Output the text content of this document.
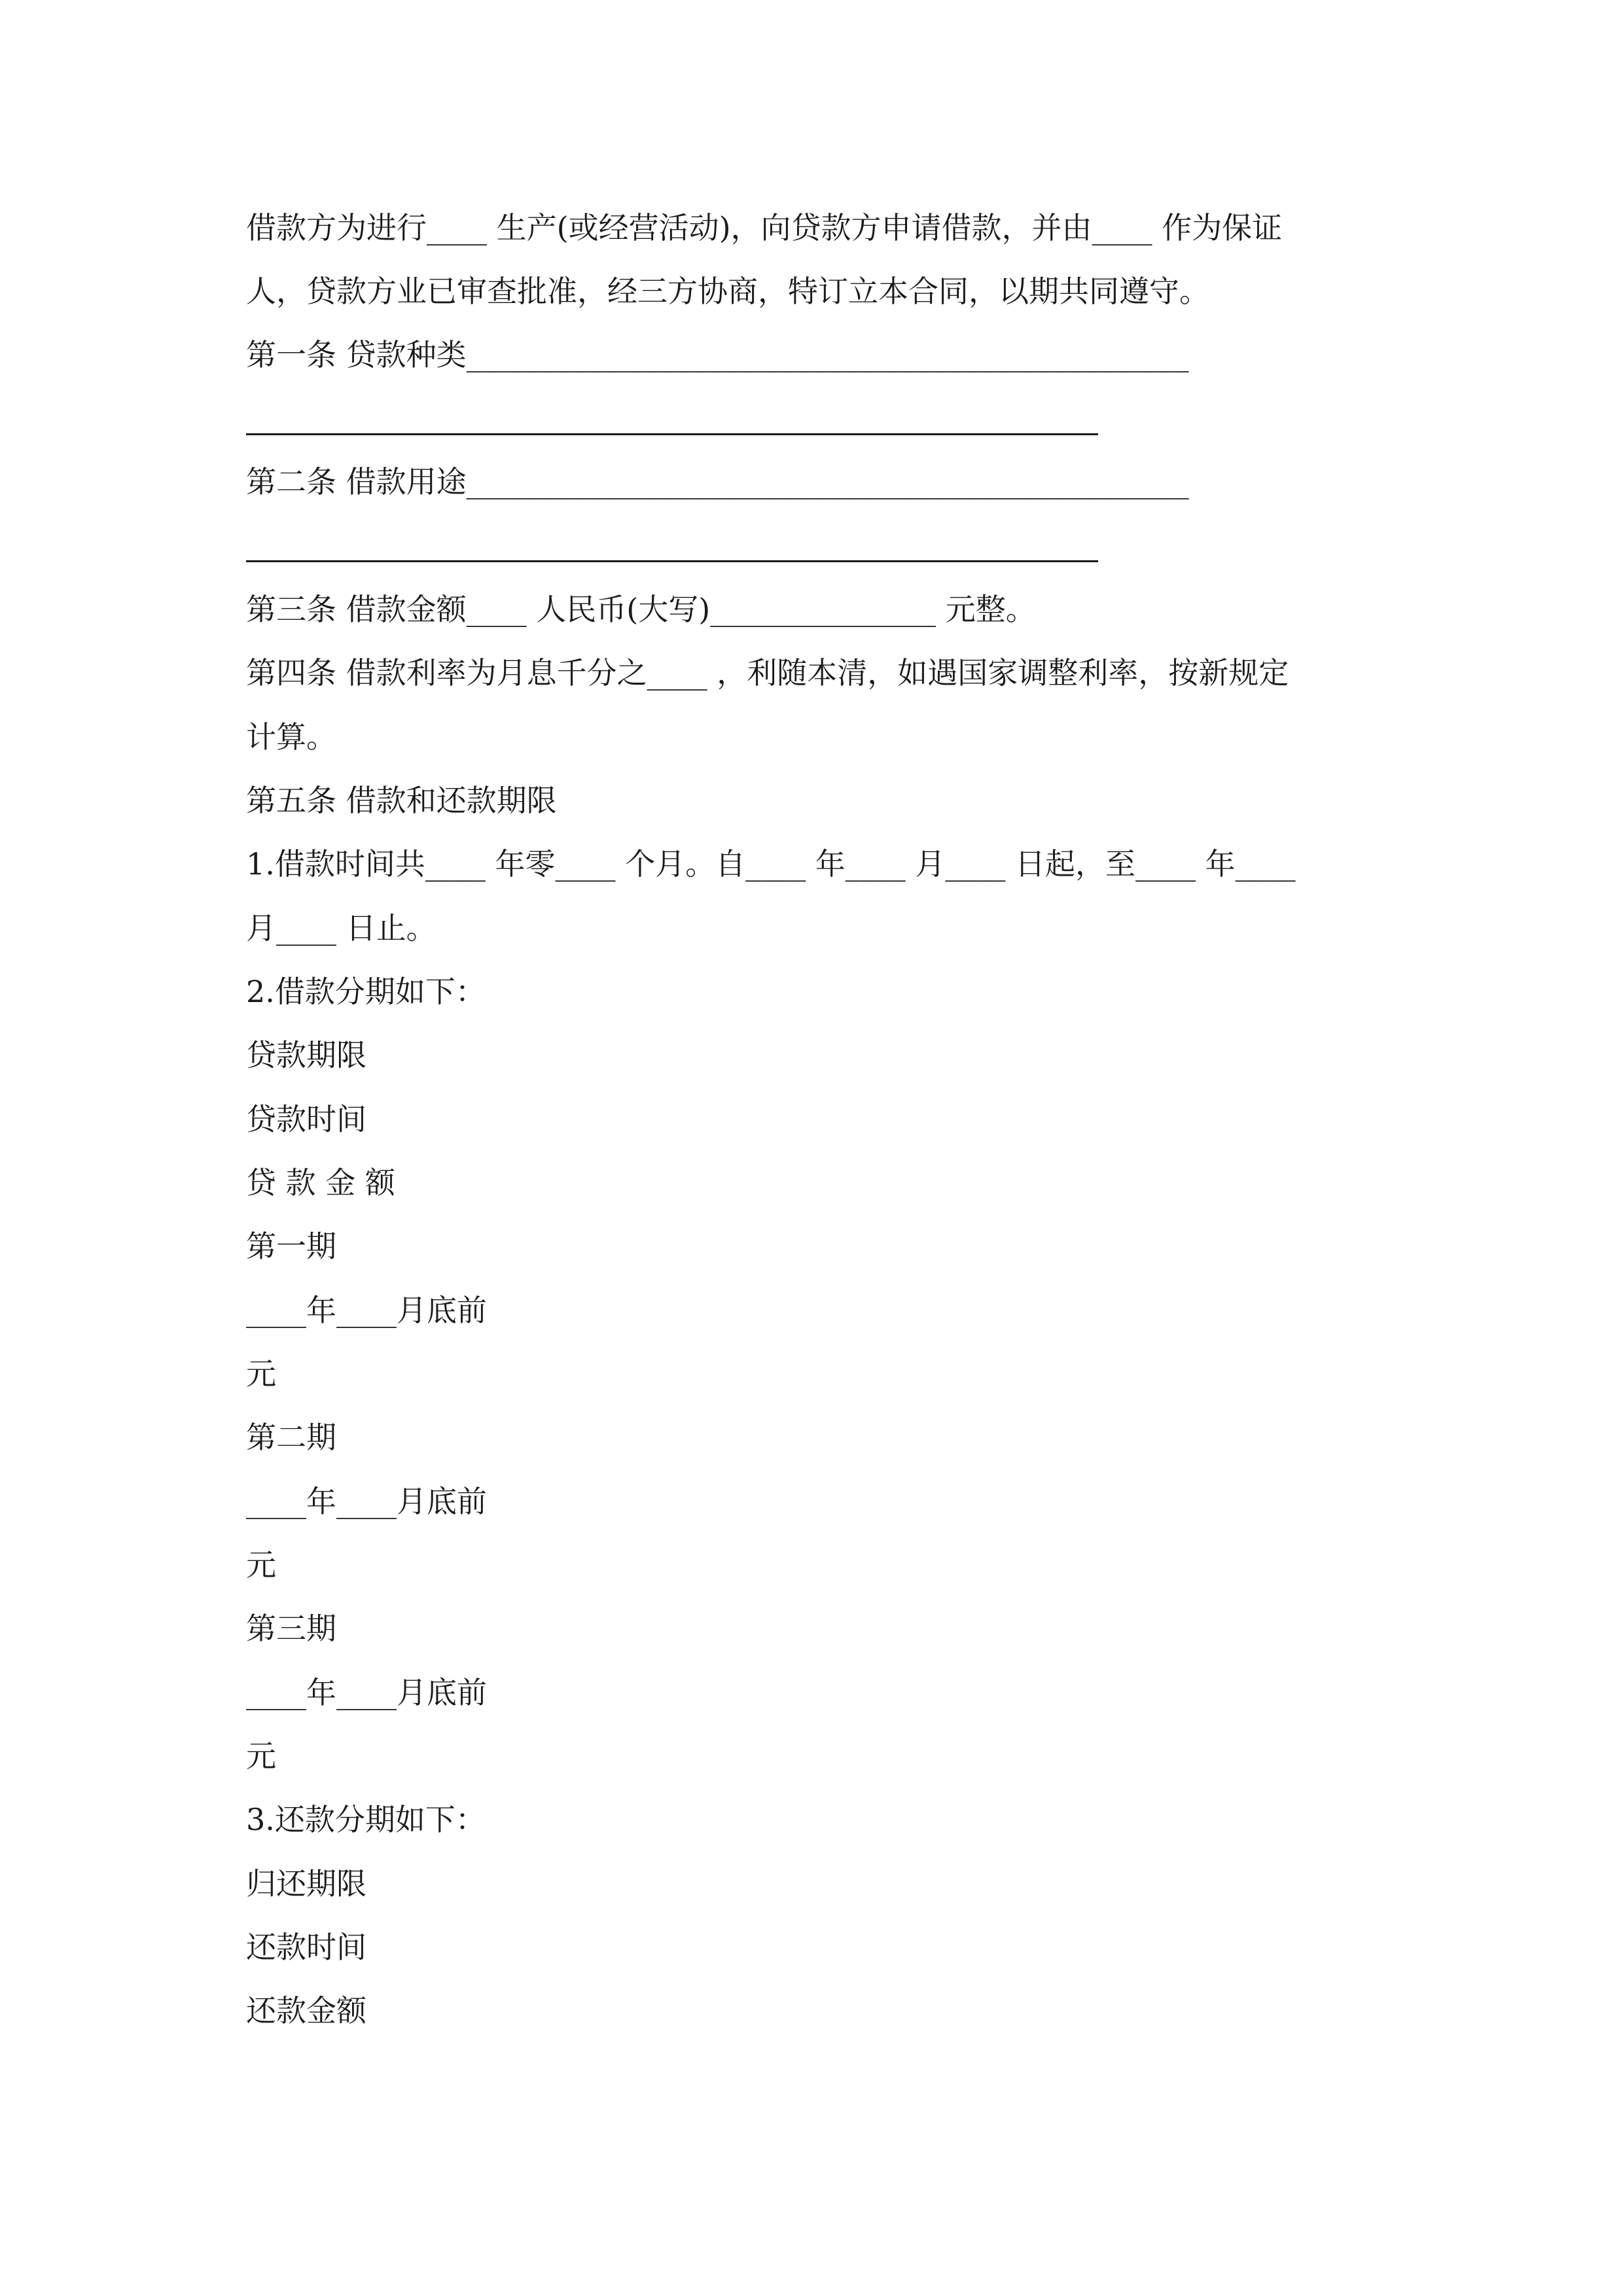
借款方为进行____ 生产(或经营活动)，向贷款方申请借款，并由____ 作为保证
人，贷款方业已审查批准，经三方协商，特订立本合同，以期共同遵守。
第一条 贷款种类________________________________________________
第二条 借款用途________________________________________________
第三条 借款金额____ 人民币(大写)_______________ 元整。
第四条 借款利率为月息千分之____ ，利随本清，如遇国家调整利率，按新规定
计算。
第五条 借款和还款期限
1.借款时间共____ 年零____ 个月。自____ 年____ 月____ 日起，至____ 年____
月____ 日止。
2.借款分期如下：
贷款期限
贷款时间
贷 款 金 额
第一期
____年____月底前
元
第二期
____年____月底前
元
第三期
____年____月底前
元
3.还款分期如下：
归还期限
还款时间
还款金额
